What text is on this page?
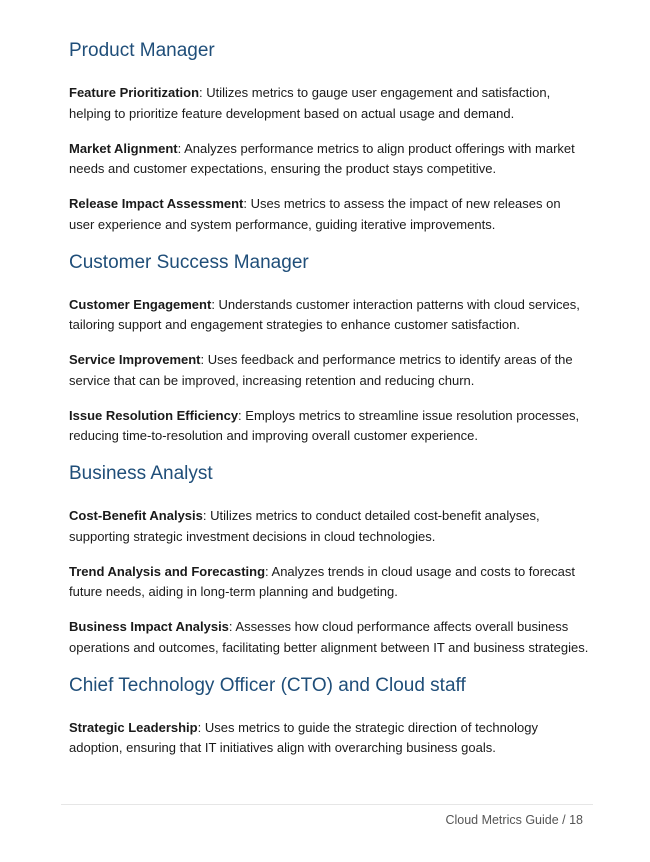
Product Manager

Feature Prioritization: Utilizes metrics to gauge user engagement and satisfaction, helping to prioritize feature development based on actual usage and demand.

Market Alignment: Analyzes performance metrics to align product offerings with market needs and customer expectations, ensuring the product stays competitive.

Release Impact Assessment: Uses metrics to assess the impact of new releases on user experience and system performance, guiding iterative improvements.

Customer Success Manager

Customer Engagement: Understands customer interaction patterns with cloud services, tailoring support and engagement strategies to enhance customer satisfaction.

Service Improvement: Uses feedback and performance metrics to identify areas of the service that can be improved, increasing retention and reducing churn.

Issue Resolution Efficiency: Employs metrics to streamline issue resolution processes, reducing time-to-resolution and improving overall customer experience.

Business Analyst

Cost-Benefit Analysis: Utilizes metrics to conduct detailed cost-benefit analyses, supporting strategic investment decisions in cloud technologies.

Trend Analysis and Forecasting: Analyzes trends in cloud usage and costs to forecast future needs, aiding in long-term planning and budgeting.

Business Impact Analysis: Assesses how cloud performance affects overall business operations and outcomes, facilitating better alignment between IT and business strategies.

Chief Technology Officer (CTO) and Cloud staff

Strategic Leadership: Uses metrics to guide the strategic direction of technology adoption, ensuring that IT initiatives align with overarching business goals.

Cloud Metrics Guide / 18
